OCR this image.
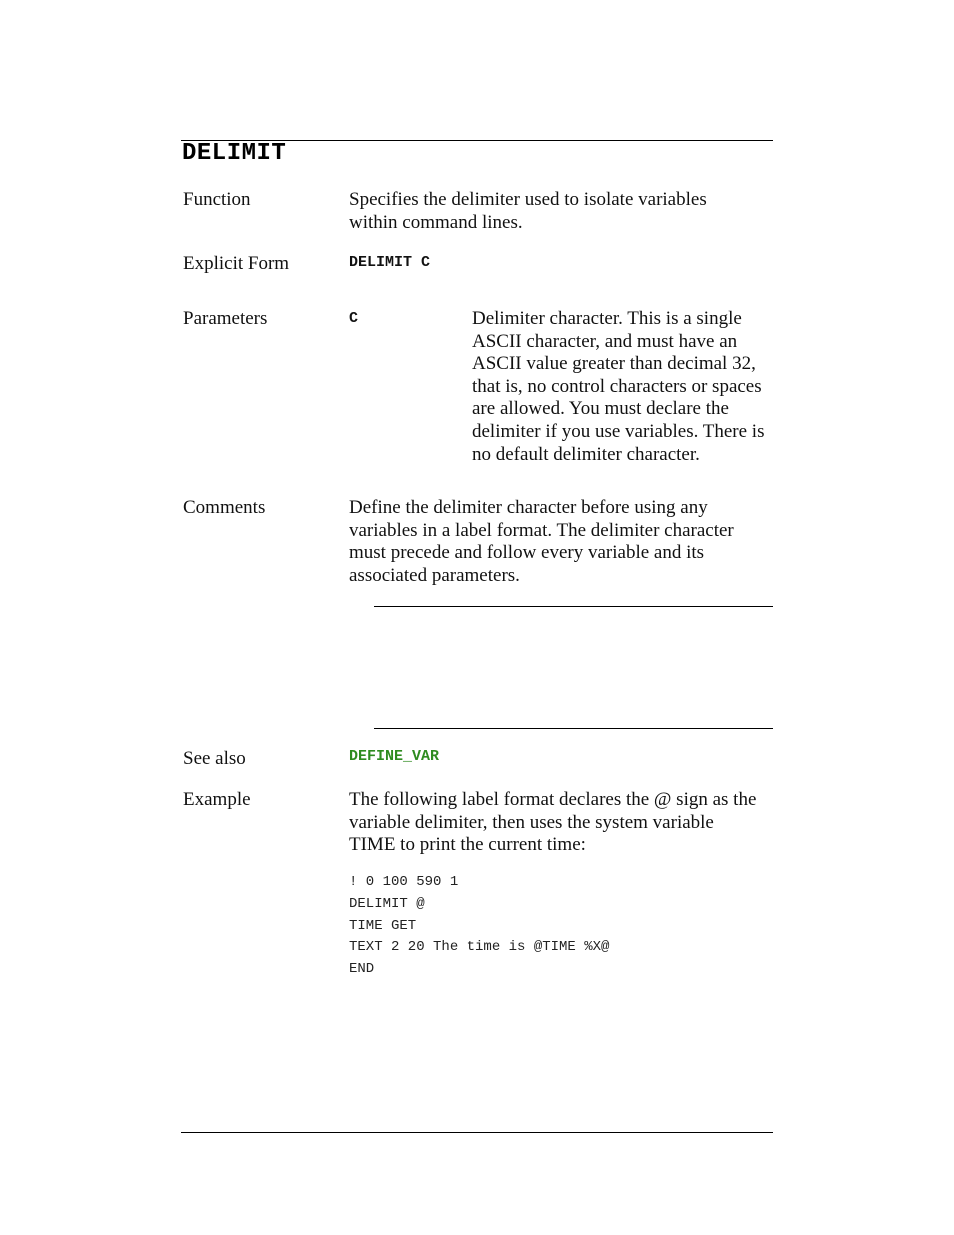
DELIMIT
Function	Specifies the delimiter used to isolate variables within command lines.
Explicit Form	DELIMIT C
Parameters	C	Delimiter character. This is a single ASCII character, and must have an ASCII value greater than decimal 32, that is, no control characters or spaces are allowed. You must declare the delimiter if you use variables. There is no default delimiter character.
Comments	Define the delimiter character before using any variables in a label format. The delimiter character must precede and follow every variable and its associated parameters.
See also	DEFINE_VAR
Example	The following label format declares the @ sign as the variable delimiter, then uses the system variable TIME to print the current time:
! 0 100 590 1
DELIMIT @
TIME GET
TEXT 2 20 The time is @TIME %X@
END
